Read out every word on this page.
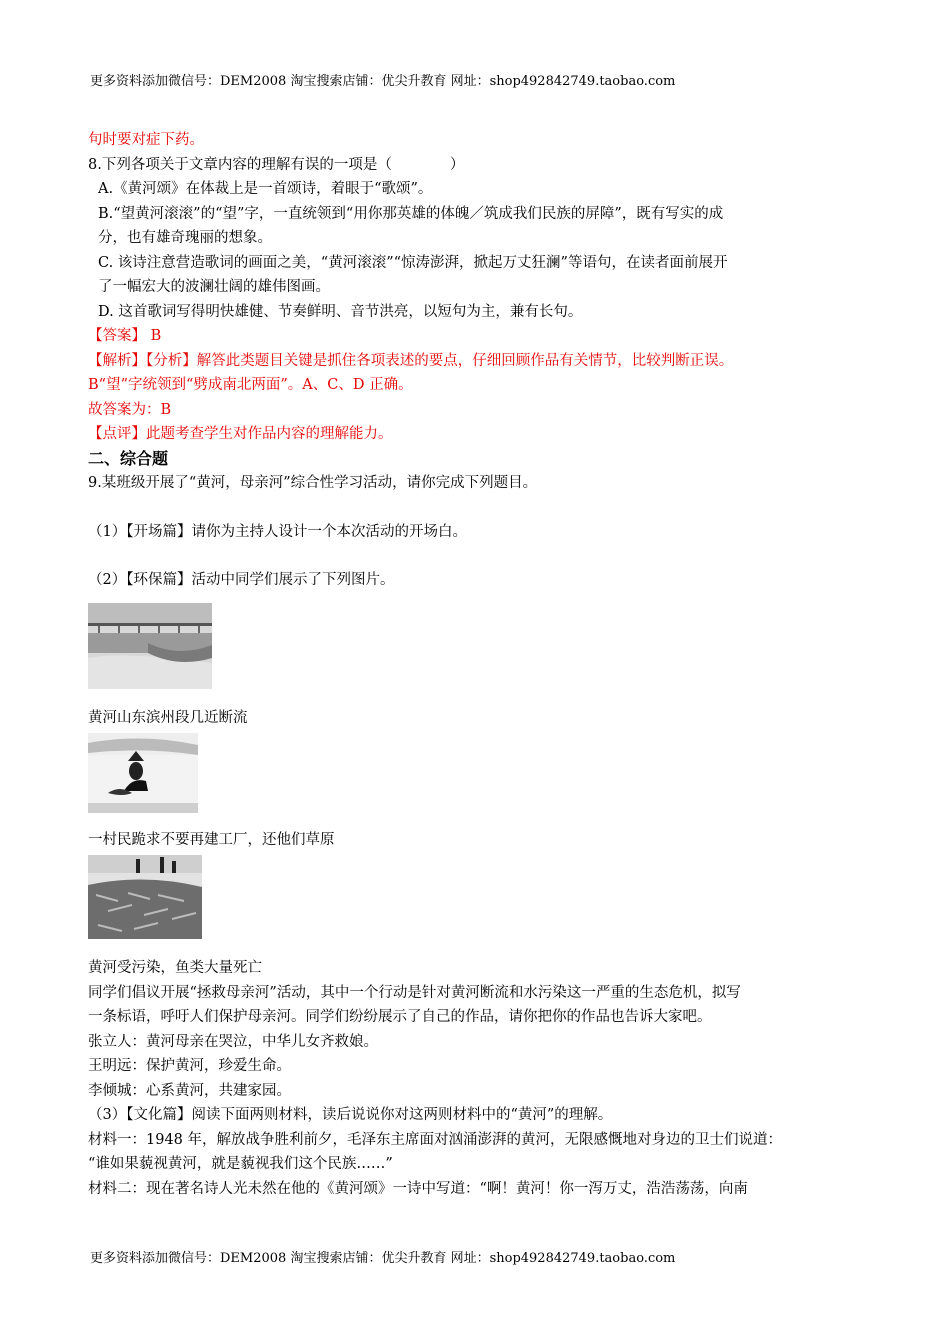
更多资料添加微信号：DEM2008 淘宝搜索店铺：优尖升教育 网址：shop492842749.taobao.com
句时要对症下药。
8.下列各项关于文章内容的理解有误的一项是（　　　　）
A.《黄河颂》在体裁上是一首颂诗，着眼于“歌颂”。
B.“望黄河滚滚”的“望”字，一直统领到“用你那英雄的体魄／筑成我们民族的屏障”，既有写实的成
分，也有雄奇瑰丽的想象。
C. 该诗注意营造歌词的画面之美，“黄河滚滚”“惊涛澎湃，掀起万丈狂澜”等语句，在读者面前展开
了一幅宏大的波澜壮阔的雄伟图画。
D. 这首歌词写得明快雄健、节奏鲜明、音节洪亮，以短句为主，兼有长句。
【答案】 B
【解析】【分析】解答此类题目关键是抓住各项表述的要点，仔细回顾作品有关情节，比较判断正误。
B“望”字统领到“劈成南北两面”。A、C、D 正确。
故答案为：B
【点评】此题考查学生对作品内容的理解能力。
二、综合题
9.某班级开展了“黄河，母亲河”综合性学习活动，请你完成下列题目。
（1）【开场篇】请你为主持人设计一个本次活动的开场白。
（2）【环保篇】活动中同学们展示了下列图片。
黄河山东滨州段几近断流
一村民跪求不要再建工厂，还他们草原
黄河受污染，鱼类大量死亡
同学们倡议开展“拯救母亲河”活动，其中一个行动是针对黄河断流和水污染这一严重的生态危机，拟写
一条标语，呼吁人们保护母亲河。同学们纷纷展示了自己的作品，请你把你的作品也告诉大家吧。
张立人：黄河母亲在哭泣，中华儿女齐救娘。
王明远：保护黄河，珍爱生命。
李倾城：心系黄河，共建家园。
（3）【文化篇】阅读下面两则材料，读后说说你对这两则材料中的“黄河”的理解。
材料一：1948 年，解放战争胜利前夕，毛泽东主席面对汹涌澎湃的黄河，无限感慨地对身边的卫士们说道：
“谁如果藐视黄河，就是藐视我们这个民族……”
材料二：现在著名诗人光未然在他的《黄河颂》一诗中写道：“啊！黄河！你一泻万丈，浩浩荡荡，向南
更多资料添加微信号：DEM2008 淘宝搜索店铺：优尖升教育 网址：shop492842749.taobao.com
